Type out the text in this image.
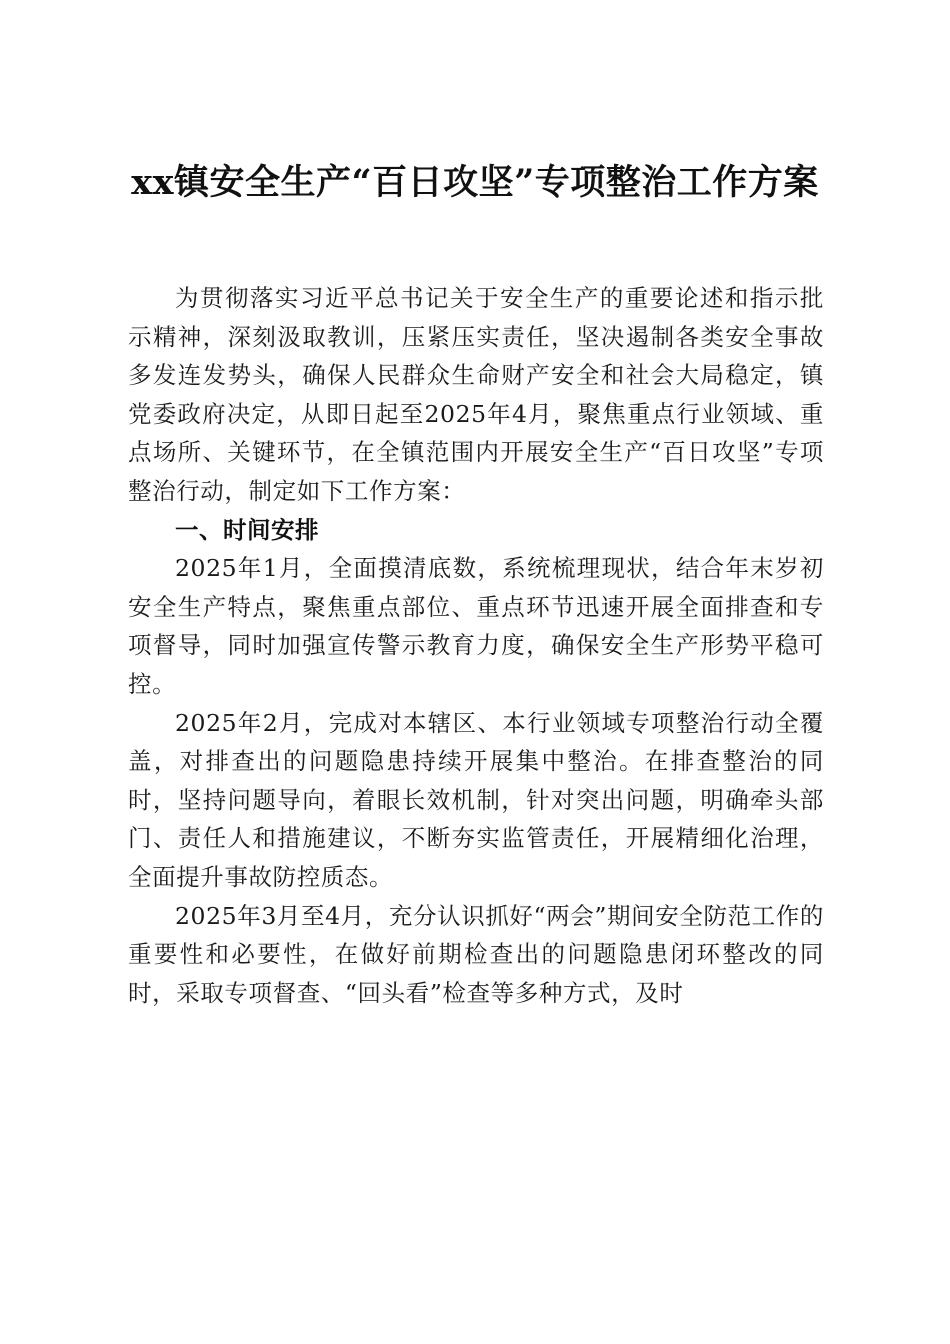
xx镇安全生产“百日攻坚”专项整治工作方案

为贯彻落实习近平总书记关于安全生产的重要论述和指示批示精神，深刻汲取教训，压紧压实责任，坚决遏制各类安全事故多发连发势头，确保人民群众生命财产安全和社会大局稳定，镇党委政府决定，从即日起至2025年4月，聚焦重点行业领域、重点场所、关键环节，在全镇范围内开展安全生产“百日攻坚”专项整治行动，制定如下工作方案：

一、时间安排

2025年1月，全面摸清底数，系统梳理现状，结合年末岁初安全生产特点，聚焦重点部位、重点环节迅速开展全面排查和专项督导，同时加强宣传警示教育力度，确保安全生产形势平稳可控。

2025年2月，完成对本辖区、本行业领域专项整治行动全覆盖，对排查出的问题隐患持续开展集中整治。在排查整治的同时，坚持问题导向，着眼长效机制，针对突出问题，明确牵头部门、责任人和措施建议，不断夯实监管责任，开展精细化治理，全面提升事故防控质态。

2025年3月至4月，充分认识抓好“两会”期间安全防范工作的重要性和必要性，在做好前期检查出的问题隐患闭环整改的同时，采取专项督查、“回头看”检查等多种方式，及时
